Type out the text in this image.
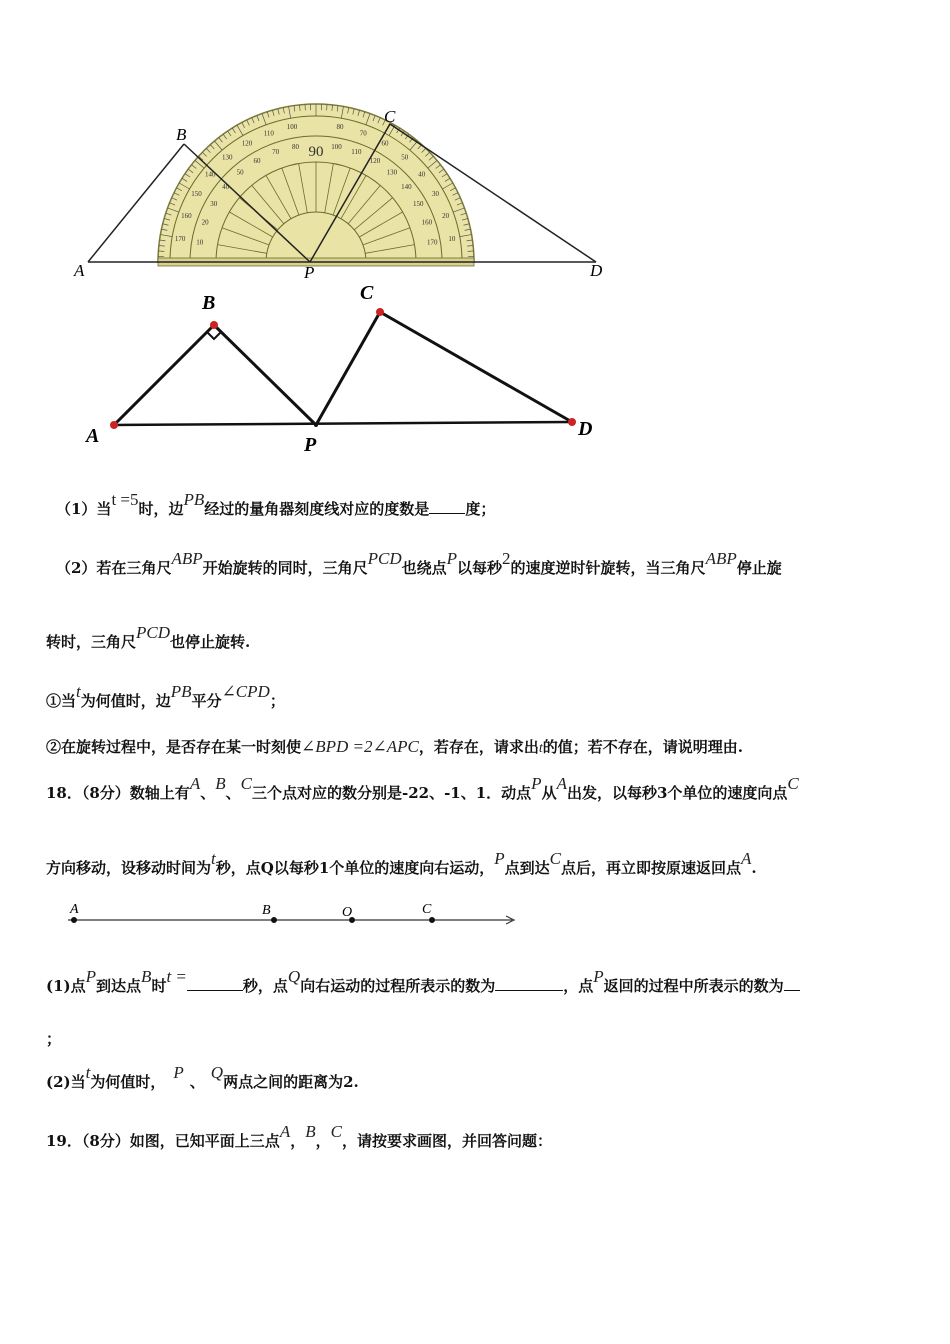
90
170 10
160
20
150
30
140
40
130
50
120
60
110
70
100
80
80
100
70
110
60
120	50
130	40
140
30
150
20
160
10
170
A
B
C
D
P
A
B	C
D
P
（1）当t =5时，边PB经过的量角器刻度线对应的度数是 度；
（2）若在三角尺ABP开始旋转的同时，三角尺PCD也绕点P以每秒2的速度逆时针旋转，当三角尺ABP停止旋
转时，三角尺PCD也停止旋转.
①当t为何值时，边PB平分∠CPD；
②在旋转过程中，是否存在某一时刻使∠BPD =2∠APC，若存在，请求出t的值；若不存在，请说明理由.
18．（8分）数轴上有A、B、C三个点对应的数分别是-22、-1、1．动点P从A出发，以每秒3个单位的速度向点C
方向移动，设移动时间为t秒，点Q以每秒1个单位的速度向右运动，P点到达C点后，再立即按原速返回点A.
A	B	O	C
(1)点P到达点B时t =	秒，点Q向右运动的过程所表示的数为	，点P返回的过程中所表示的数为
；
(2)当t为何值时， P 、 Q两点之间的距离为2.
19．（8分）如图，已知平面上三点A，B，C，请按要求画图，并回答问题：
